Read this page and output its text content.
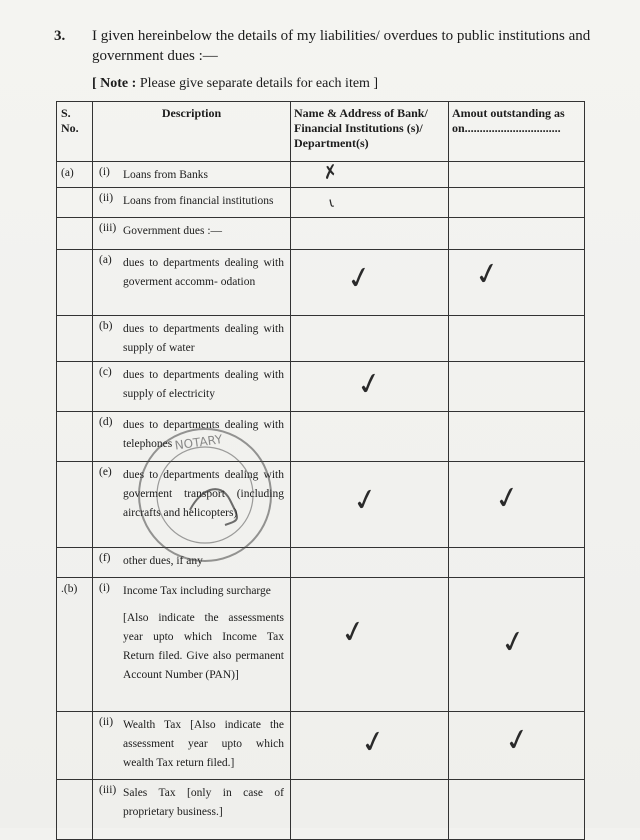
3. I given hereinbelow the details of my liabilities/ overdues to public institutions and government dues :—
[ Note : Please give separate details for each item ]
S. No.	Description	Name & Address of Bank/ Financial Institutions (s)/ Department(s)	Amout outstanding as on................................
(a)	(i) Loans from Banks	✗	

	(ii) Loans from financial institutions	ɩ	

	(iii) Government dues :—		

	(a) dues to departments dealing with goverment accomm- odation	✓	✓

	(b) dues to departments dealing with supply of water		

	(c) dues to departments dealing with supply of electricity	✓	

	(d) dues to departments dealing with telephones		

	(e) dues to departments dealing with goverment transport (including aircrafts and helicopters)	✓	✓

	(f) other dues, if any		

.(b)	(i) Income Tax including surcharge
[Also indicate the assessments year upto which Income Tax Return filed. Give also permanent Account Number (PAN)]	✓	✓

	(ii) Wealth Tax [Also indicate the assessment year upto which wealth Tax return filed.]	✓	✓

	(iii) Sales Tax [only in case of proprietary business.]		

NOTARY
